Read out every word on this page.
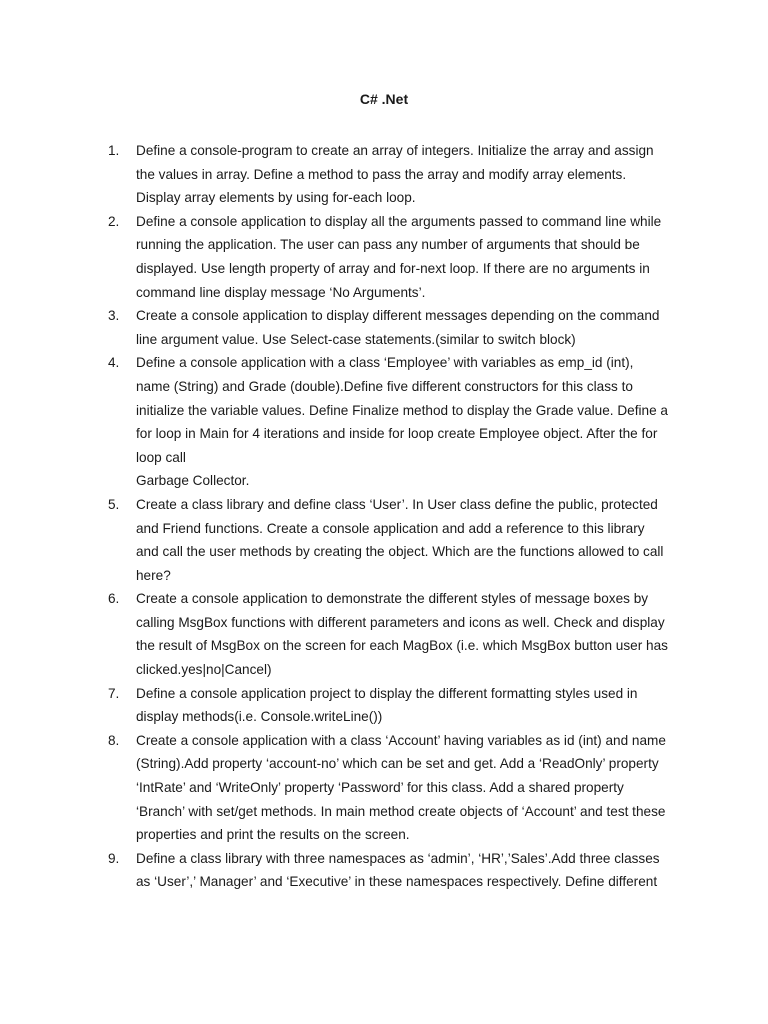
C# .Net
1. Define a console-program to create an array of integers. Initialize the array and assign
the values in array. Define a method to pass the array and modify array elements.
Display array elements by using for-each loop.
2. Define a console application to display all the arguments passed to command line while
running the application. The user can pass any number of arguments that should be
displayed. Use length property of array and for-next loop. If there are no arguments in
command line display message ‘No Arguments’.
3. Create a console application to display different messages depending on the command
line argument value. Use Select-case statements.(similar to switch block)
4. Define a console application with a class ‘Employee’ with variables as emp_id (int),
name (String) and Grade (double).Define five different constructors for this class to
initialize the variable values. Define Finalize method to display the Grade value. Define a
for loop in Main for 4 iterations and inside for loop create Employee object. After the for
loop call
Garbage Collector.
5. Create a class library and define class ‘User’. In User class define the public, protected
and Friend functions. Create a console application and add a reference to this library
and call the user methods by creating the object. Which are the functions allowed to call
here?
6. Create a console application to demonstrate the different styles of message boxes by
calling MsgBox functions with different parameters and icons as well. Check and display
the result of MsgBox on the screen for each MagBox (i.e. which MsgBox button user has
clicked.yes|no|Cancel)
7. Define a console application project to display the different formatting styles used in
display methods(i.e. Console.writeLine())
8. Create a console application with a class ‘Account’ having variables as id (int) and name
(String).Add property ‘account-no’ which can be set and get. Add a ‘ReadOnly’ property
‘IntRate’ and ‘WriteOnly’ property ‘Password’ for this class. Add a shared property
‘Branch’ with set/get methods. In main method create objects of ‘Account’ and test these
properties and print the results on the screen.
9. Define a class library with three namespaces as ‘admin’, ‘HR’,’Sales’.Add three classes
as ‘User’,’ Manager’ and ‘Executive’ in these namespaces respectively. Define different
